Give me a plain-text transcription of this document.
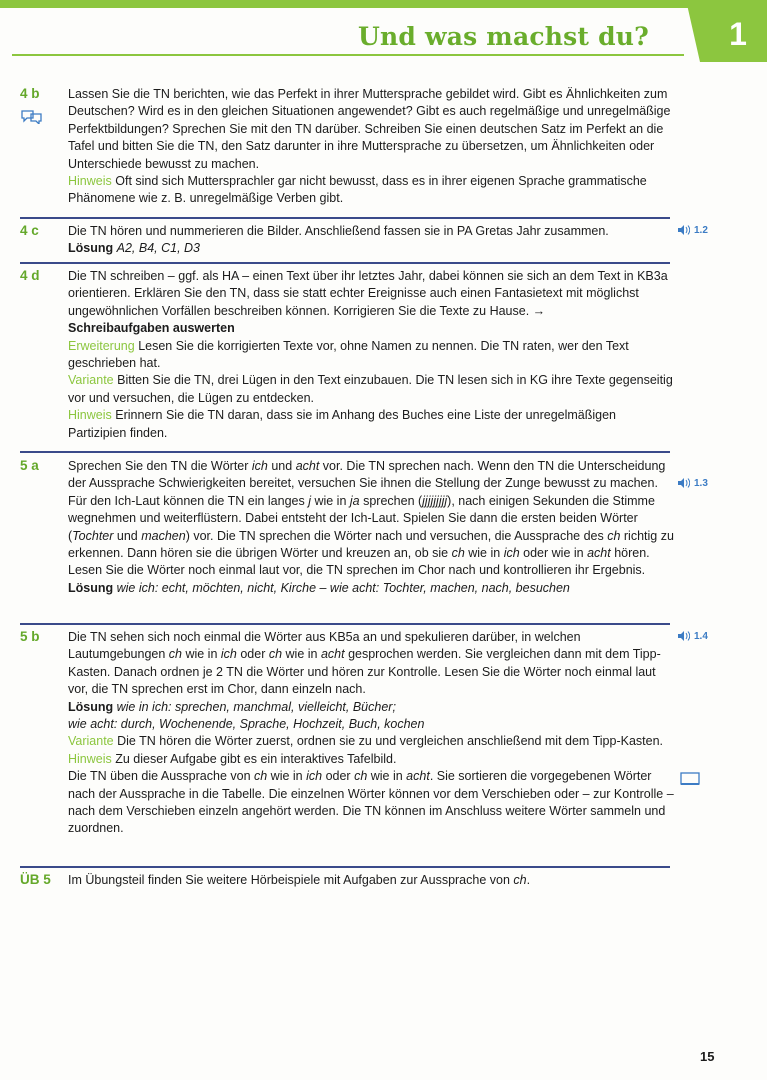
Und was machst du?	1
4 b	Lassen Sie die TN berichten, wie das Perfekt in ihrer Muttersprache gebildet wird. Gibt es Ähnlichkeiten zum Deutschen? Wird es in den gleichen Situationen angewendet? Gibt es auch regelmäßige und unregelmäßige Perfektbildungen? Sprechen Sie mit den TN darüber. Schreiben Sie einen deutschen Satz im Perfekt an die Tafel und bitten Sie die TN, den Satz darunter in ihre Muttersprache zu übersetzen, um Ähnlichkeiten oder Unterschiede bewusst zu machen.

Hinweis Oft sind sich Muttersprachler gar nicht bewusst, dass es in ihrer eigenen Sprache grammatische Phänomene wie z. B. unregelmäßige Verben gibt.

4 c	Die TN hören und nummerieren die Bilder. Anschließend fassen sie in PA Gretas Jahr zusammen.

Lösung A2, B4, C1, D3

1.2
4 d	Die TN schreiben – ggf. als HA – einen Text über ihr letztes Jahr, dabei können sie sich an dem Text in KB3a orientieren. Erklären Sie den TN, dass sie statt echter Ereignisse auch einen Fantasietext mit möglichst ungewöhnlichen Vorfällen beschreiben können. Korrigieren Sie die Texte zu Hause. →

Schreibaufgaben auswerten

Erweiterung Lesen Sie die korrigierten Texte vor, ohne Namen zu nennen. Die TN raten, wer den Text geschrieben hat.

Variante Bitten Sie die TN, drei Lügen in den Text einzubauen. Die TN lesen sich in KG ihre Texte gegenseitig vor und versuchen, die Lügen zu entdecken.

Hinweis Erinnern Sie die TN daran, dass sie im Anhang des Buches eine Liste der unregelmäßigen Partizipien finden.

5 a	Sprechen Sie den TN die Wörter ich und acht vor. Die TN sprechen nach. Wenn den TN die Unterscheidung der Aussprache Schwierigkeiten bereitet, versuchen Sie ihnen die Stellung der Zunge bewusst zu machen. Für den Ich-Laut können die TN ein langes j wie in ja sprechen (jjjjjjjjj), nach einigen Sekunden die Stimme wegnehmen und weiterflüstern. Dabei entsteht der Ich-Laut. Spielen Sie dann die ersten beiden Wörter (Tochter und machen) vor. Die TN sprechen die Wörter nach und versuchen, die Aussprache des ch richtig zu erkennen. Dann hören sie die übrigen Wörter und kreuzen an, ob sie ch wie in ich oder wie in acht hören. Lesen Sie die Wörter noch einmal laut vor, die TN sprechen im Chor nach und kontrollieren ihr Ergebnis.

Lösung wie ich: echt, möchten, nicht, Kirche – wie acht: Tochter, machen, nach, besuchen

1.3
5 b	Die TN sehen sich noch einmal die Wörter aus KB5a an und spekulieren darüber, in welchen Lautumgebungen ch wie in ich oder ch wie in acht gesprochen werden. Sie vergleichen dann mit dem Tipp-Kasten. Danach ordnen je 2 TN die Wörter und hören zur Kontrolle. Lesen Sie die Wörter noch einmal laut vor, die TN sprechen erst im Chor, dann einzeln nach.

Lösung wie in ich: sprechen, manchmal, vielleicht, Bücher;

wie acht: durch, Wochenende, Sprache, Hochzeit, Buch, kochen

Variante Die TN hören die Wörter zuerst, ordnen sie zu und vergleichen anschließend mit dem Tipp-Kasten.

Hinweis Zu dieser Aufgabe gibt es ein interaktives Tafelbild.

Die TN üben die Aussprache von ch wie in ich oder ch wie in acht. Sie sortieren die vorgegebenen Wörter nach der Aussprache in die Tabelle. Die einzelnen Wörter können vor dem Verschieben oder – zur Kontrolle – nach dem Verschieben einzeln angehört werden. Die TN können im Anschluss weitere Wörter sammeln und zuordnen.

1.4
ÜB 5	Im Übungsteil finden Sie weitere Hörbeispiele mit Aufgaben zur Aussprache von ch.

15
